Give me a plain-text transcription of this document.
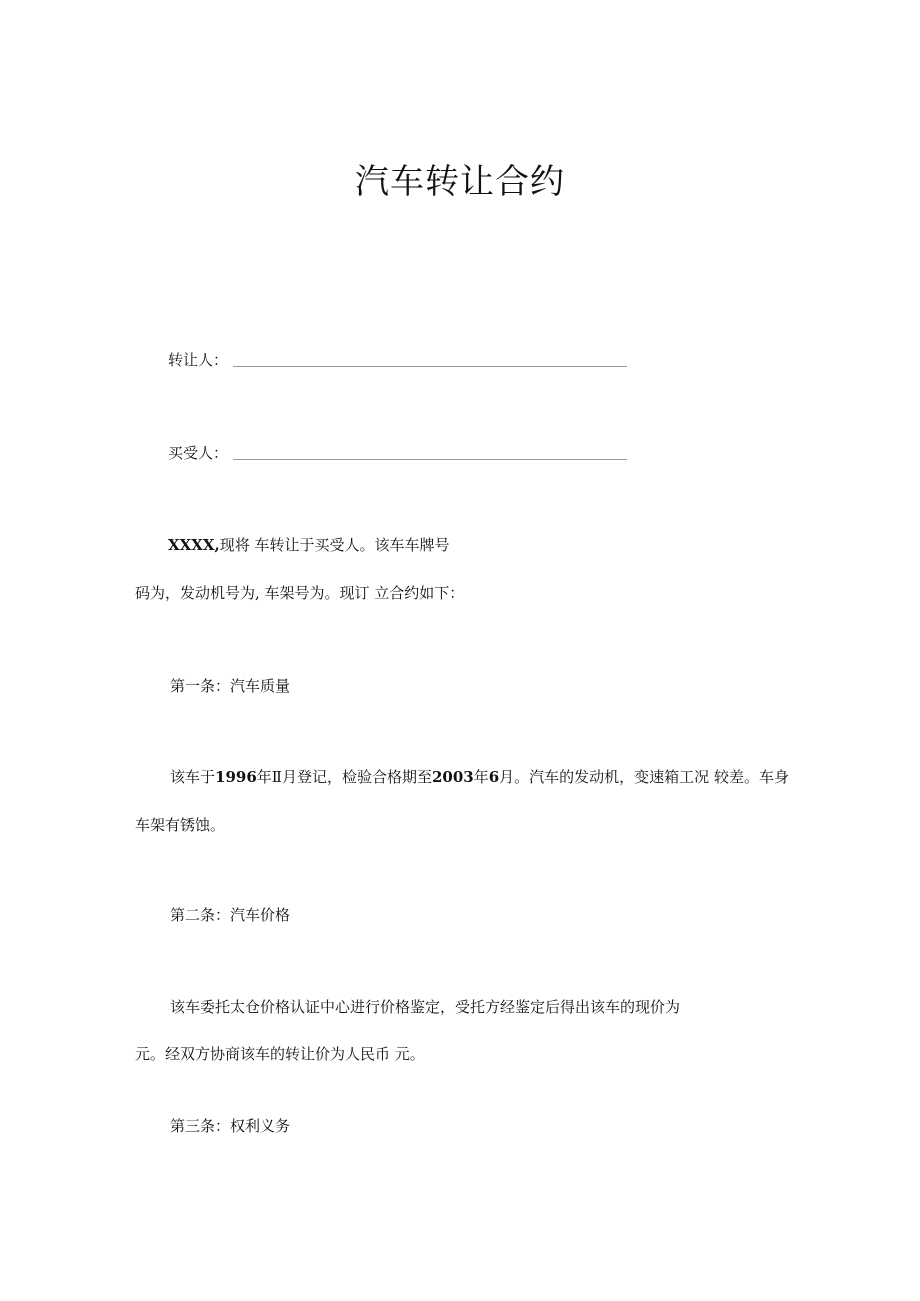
汽车转让合约
转让人：
买受人：
XXXX,现将 车转让于买受人。该车车牌号
码为，发动机号为, 车架号为。现订 立合约如下：
第一条：汽车质量
该车于1996年Ⅱ月登记，检验合格期至2003年6月。汽车的发动机，变速箱工况 较差。车身
车架有锈蚀。
第二条：汽车价格
该车委托太仓价格认证中心进行价格鉴定，受托方经鉴定后得出该车的现价为
元。经双方协商该车的转让价为人民币 元。
第三条：权利义务
